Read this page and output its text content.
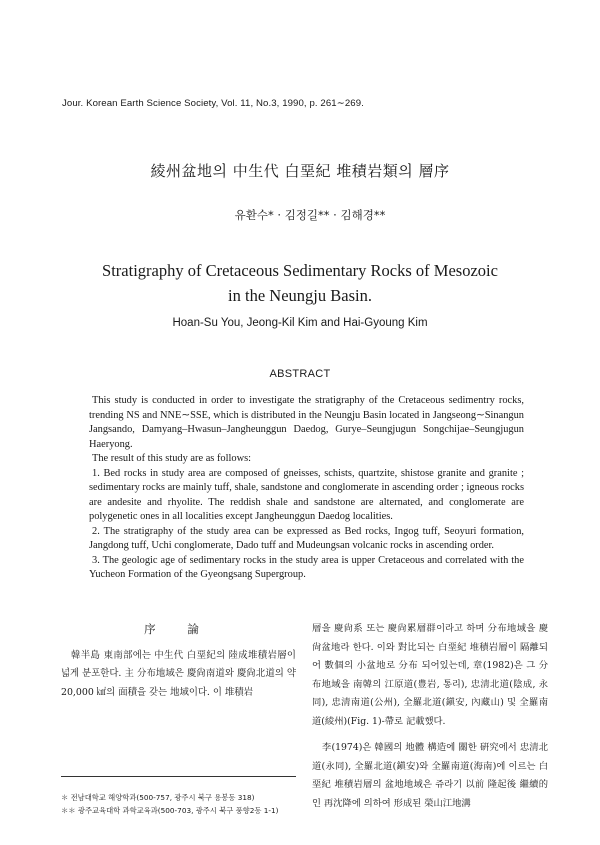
Jour. Korean Earth Science Society, Vol. 11, No.3, 1990, p. 261∼269.
綾州盆地의 中生代 白堊紀 堆積岩類의 層序
유환수* · 김정길** · 김해경**
Stratigraphy of Cretaceous Sedimentary Rocks of Mesozoic
in the Neungju Basin.
Hoan-Su You, Jeong-Kil Kim and Hai-Gyoung Kim
ABSTRACT

This study is conducted in order to investigate the stratigraphy of the Cretaceous sedimentry rocks, trending NS and NNE∼SSE, which is distributed in the Neungju Basin located in Jangseong∼Sinangun Jangsando, Damyang–Hwasun–Jangheunggun Daedog, Gurye–Seungjugun Songchijae–Seungjugun Haeryong.

The result of this study are as follows:

1. Bed rocks in study area are composed of gneisses, schists, quartzite, shistose granite and granite ; sedimentary rocks are mainly tuff, shale, sandstone and conglomerate in ascending order ; igneous rocks are andesite and rhyolite. The reddish shale and sandstone are alternated, and conglomerate are polygenetic ones in all localities except Jangheunggun Daedog localities.

2. The stratigraphy of the study area can be expressed as Bed rocks, Ingog tuff, Seoyuri formation, Jangdong tuff, Uchi conglomerate, Dado tuff and Mudeungsan volcanic rocks in ascending order.

3. The geologic age of sedimentary rocks in the study area is upper Cretaceous and correlated with the Yucheon Formation of the Gyeongsang Supergroup.

序 論

韓半島 東南部에는 中生代 白堊紀의 陸成堆積岩層이 넓게 분포한다. 主 分布地域은 慶尙南道와 慶尙北道의 약 20,000 ㎢의 面積을 갖는 地域이다. 이 堆積岩

＊ 전남대학교 해양학과(500-757, 광주시 북구 용봉동 318)

＊＊ 광주교육대학 과학교육과(500-703, 광주시 북구 풍향2동 1-1)

層을 慶尙系 또는 慶尙累層群이라고 하며 分布地域을 慶尙盆地라 한다. 이와 對比되는 白堊紀 堆積岩層이 隔離되어 數個의 小盆地로 分布 되어있는데, 章(1982)은 그 分布地域을 南韓의 江原道(豊岩, 통리), 忠淸北道(陰成, 永同), 忠淸南道(公州), 全羅北道(鎭安, 內藏山) 및 全羅南道(綾州)(Fig. 1)-帶로 記載했다.

李(1974)은 韓國의 地體 構造에 關한 硏究에서 忠淸北道(永同), 全羅北道(鎭安)와 全羅南道(海南)에 이르는 白堊紀 堆積岩層의 盆地地域은 쥬라기 以前 隆起後 繼續的인 再沈降에 의하여 形成된 榮山江地溝
